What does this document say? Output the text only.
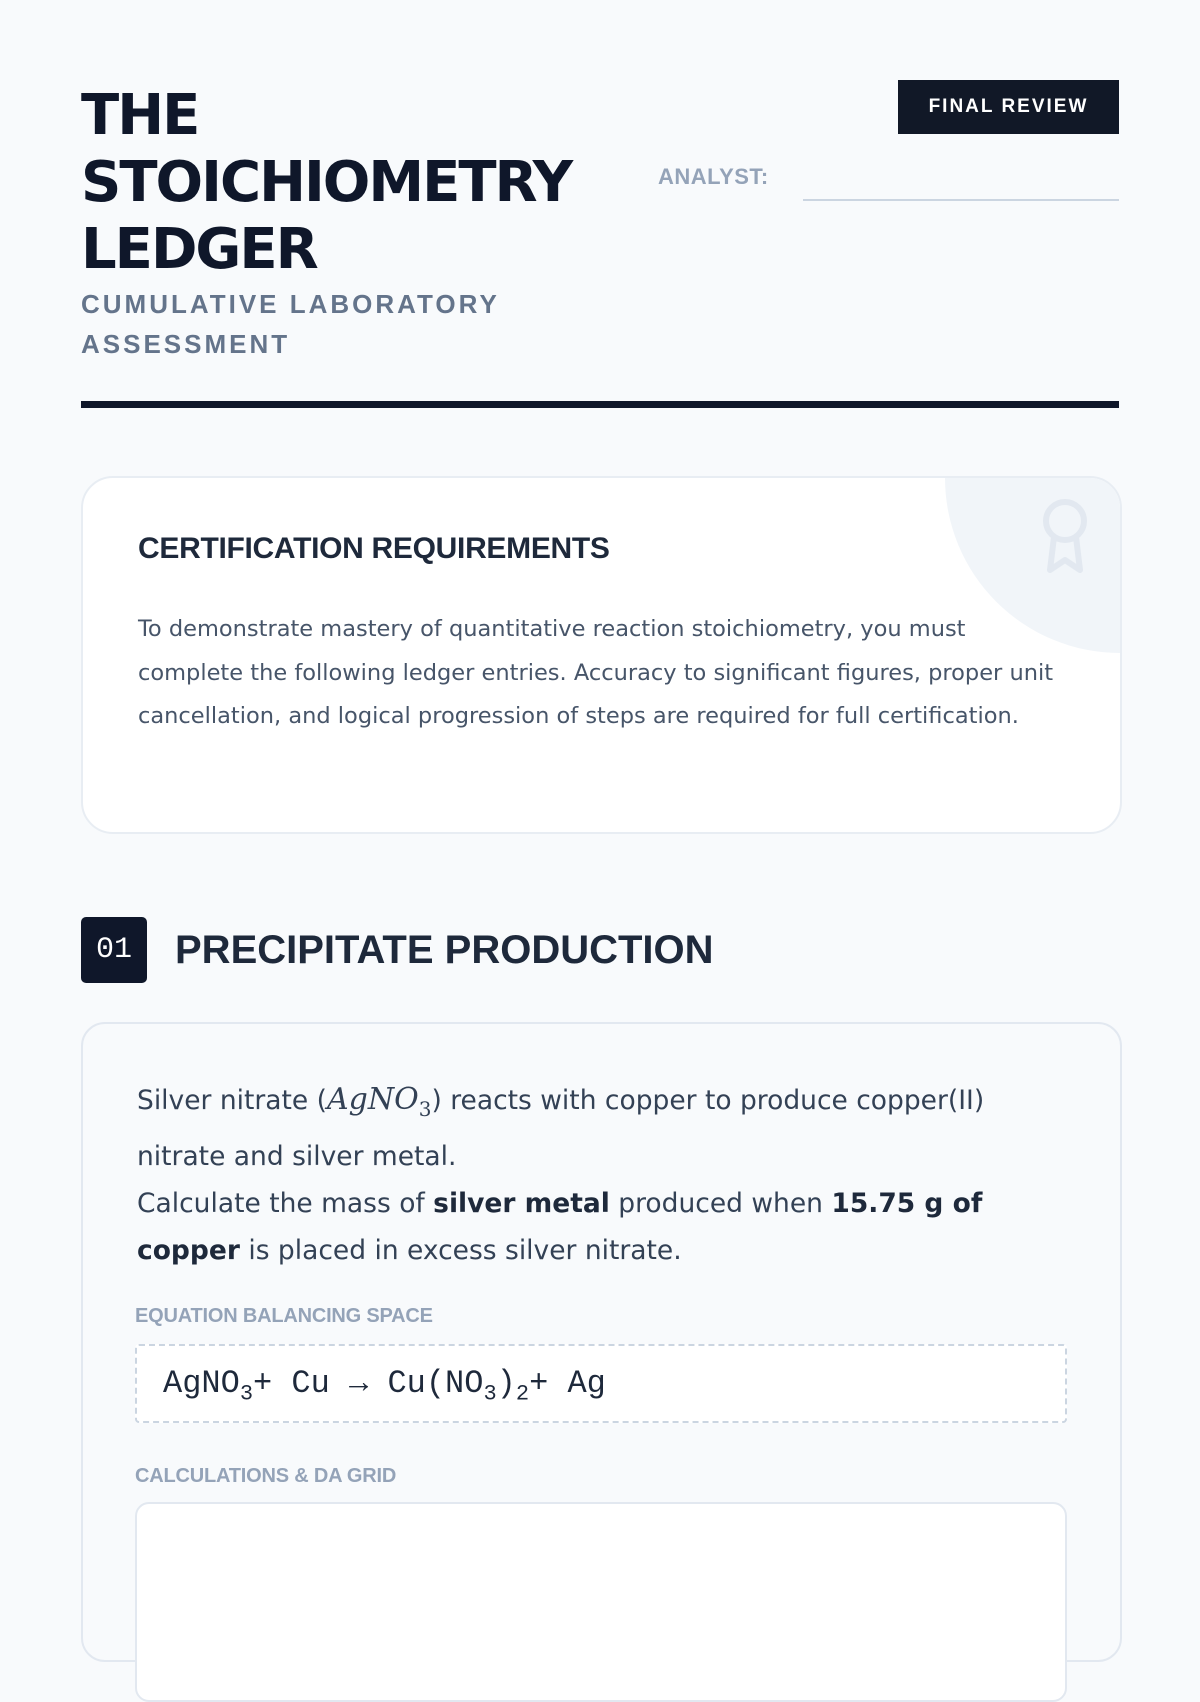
THE
STOICHIOMETRY
LEDGER

CUMULATIVE LABORATORY
ASSESSMENT

FINAL REVIEW
ANALYST:
CERTIFICATION REQUIREMENTS

To demonstrate mastery of quantitative reaction stoichiometry, you must complete the following ledger entries. Accuracy to significant figures, proper unit cancellation, and logical progression of steps are required for full certification.

01	PRECIPITATE PRODUCTION

Silver nitrate (AgNO$_3$) reacts with copper to produce copper(II) nitrate and silver metal.
Calculate the mass of silver metal produced when 15.75 g of copper is placed in excess silver nitrate.

EQUATION BALANCING SPACE
AgNO$_3$+ $Cu \to Cu(NO_3)_2+ Ag$
CALCULATIONS & DA GRID
